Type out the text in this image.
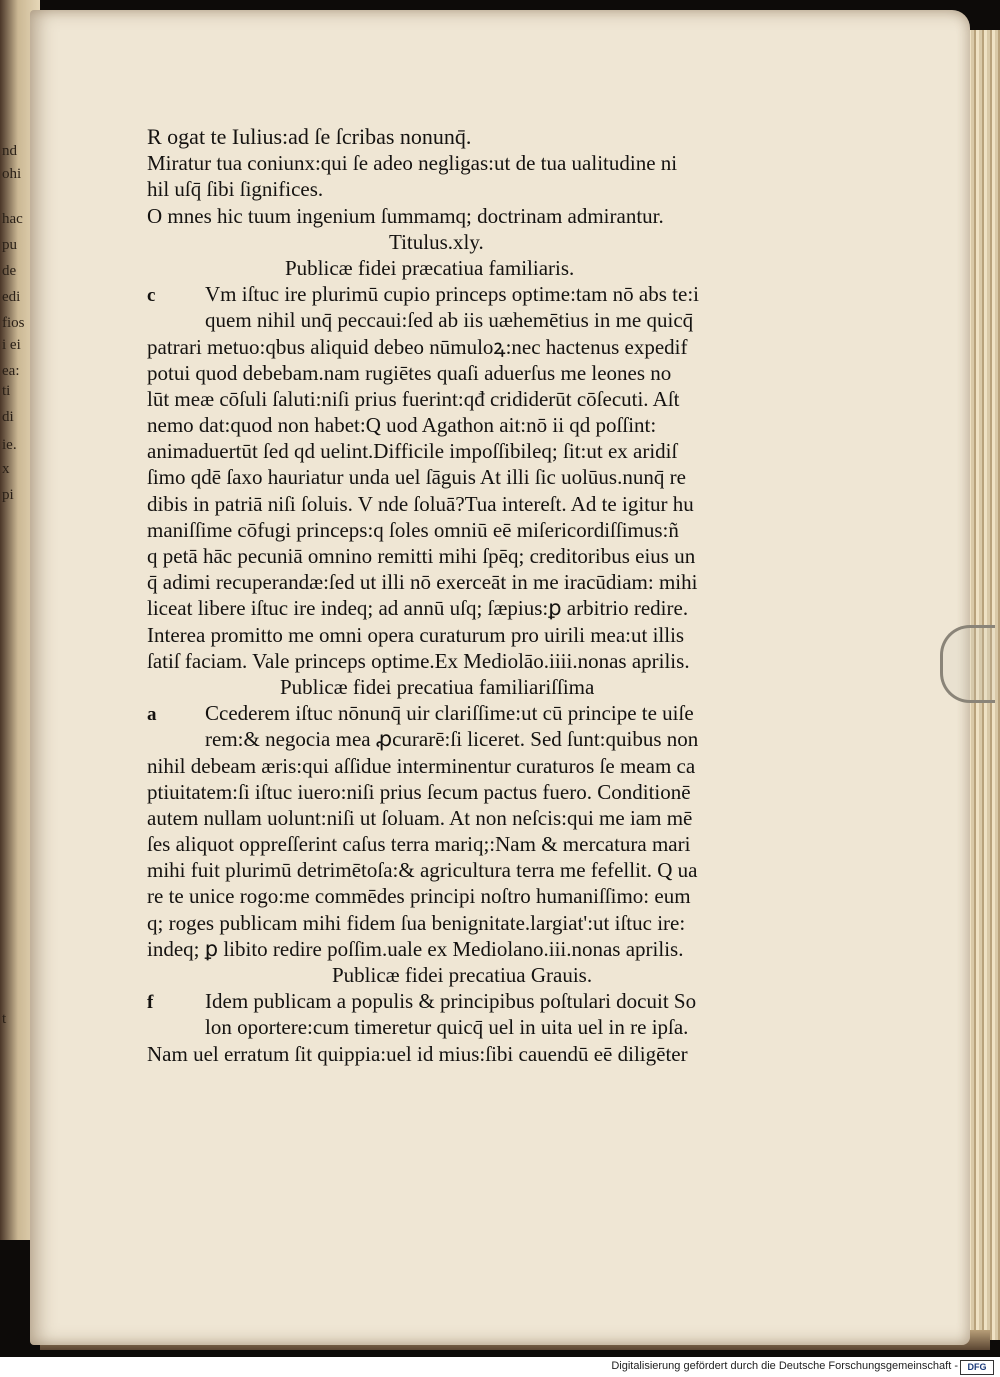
nd
ohi
hac
pu
de
edi
fios
i ei
ea:
ti
di
ie.
x
pi
t
R ogat te Iulius:ad ſe ſcribas nonunq̄.
Miratur tua coniunx:qui ſe adeo negligas:ut de tua ualitudine ni
hil uſq̄ ſibi ſignifices.
O mnes hic tuum ingenium ſummamq; doctrinam admirantur.
Titulus.xly.
Publicæ fidei præcatiua familiaris.
c Vm iſtuc ire plurimū cupio princeps optime:tam nō abs te:i
quem nihil unq̄ peccaui:ſed ab iis uæhemētius in me quicq̄
patrari metuo:qbus aliquid debeo nūmuloꝝ:nec hactenus expedif
potui quod debebam.nam rugiētes quaſi aduerſus me leones no
lūt meæ cōſuli ſaluti:niſi prius fuerint:qđ crididerūt cōſecuti. Aſt
nemo dat:quod non habet:Q uod Agathon ait:nō ii qd poſſint:
animaduertūt ſed qd uelint.Difficile impoſſibileq; ſit:ut ex aridiſ
ſimo qdē ſaxo hauriatur unda uel ſāguis At illi ſic uolūus.nunq̄ re
dibis in patriā niſi ſoluis. V nde ſoluā?Tua intereſt. Ad te igitur hu
maniſſime cōfugi princeps:q ſoles omniū eē miſericordiſſimus:ñ
q petā hāc pecuniā omnino remitti mihi ſpēq; creditoribus eius un
q̄ adimi recuperandæ:ſed ut illi nō exerceāt in me iracūdiam: mihi
liceat libere iſtuc ire indeq; ad annū uſq; ſæpius:ꝑ arbitrio redire.
Interea promitto me omni opera curaturum pro uirili mea:ut illis
ſatiſ faciam. Vale princeps optime.Ex Mediolāo.iiii.nonas aprilis.
Publicæ fidei precatiua familiariſſima
a Ccederem iſtuc nōnunq̄ uir clariſſime:ut cū principe te uiſe
rem:& negocia mea ꝓcurarē:ſi liceret. Sed ſunt:quibus non
nihil debeam æris:qui aſſidue interminentur curaturos ſe meam ca
ptiuitatem:ſi iſtuc iuero:niſi prius ſecum pactus fuero. Conditionē
autem nullam uolunt:niſi ut ſoluam. At non neſcis:qui me iam mē
ſes aliquot oppreſſerint caſus terra mariq;:Nam & mercatura mari
mihi fuit plurimū detrimētoſa:& agricultura terra me fefellit. Q ua
re te unice rogo:me commēdes principi noſtro humaniſſimo: eum
q; roges publicam mihi fidem ſua benignitate.largiat':ut iſtuc ire:
indeq; ꝑ libito redire poſſim.uale ex Mediolano.iii.nonas aprilis.
Publicæ fidei precatiua Grauis.
f Idem publicam a populis & principibus poſtulari docuit So
lon oportere:cum timeretur quicq̄ uel in uita uel in re ipſa.
Nam uel erratum ſit quippia:uel id mius:ſibi cauendū eē diligēter
Digitalisierung gefördert durch die Deutsche Forschungsgemeinschaft -	DFG
